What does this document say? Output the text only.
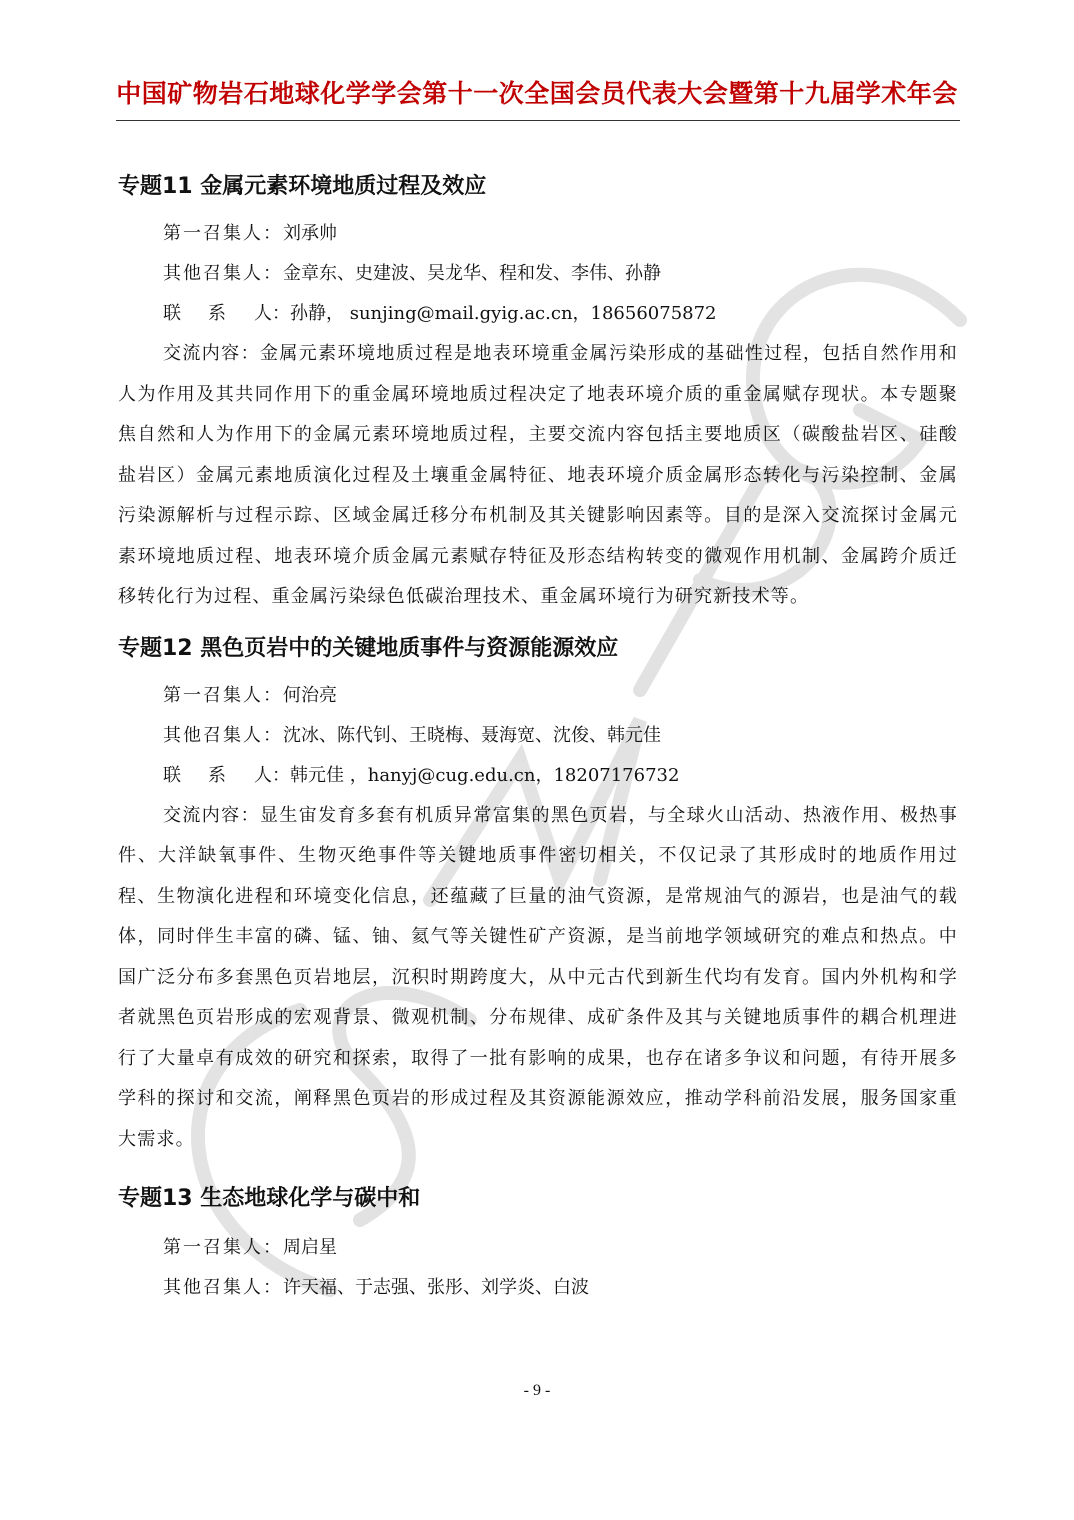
中国矿物岩石地球化学学会第十一次全国会员代表大会暨第十九届学术年会
专题11 金属元素环境地质过程及效应
第一召集人：刘承帅
其他召集人：金章东、史建波、吴龙华、程和发、李伟、孙静
联 系 人：孙静， sunjing@mail.gyig.ac.cn，18656075872

交流内容：金属元素环境地质过程是地表环境重金属污染形成的基础性过程，包括自然作用和人为作用及其共同作用下的重金属环境地质过程决定了地表环境介质的重金属赋存现状。本专题聚焦自然和人为作用下的金属元素环境地质过程，主要交流内容包括主要地质区（碳酸盐岩区、硅酸盐岩区）金属元素地质演化过程及土壤重金属特征、地表环境介质金属形态转化与污染控制、金属污染源解析与过程示踪、区域金属迁移分布机制及其关键影响因素等。目的是深入交流探讨金属元素环境地质过程、地表环境介质金属元素赋存特征及形态结构转变的微观作用机制、金属跨介质迁移转化行为过程、重金属污染绿色低碳治理技术、重金属环境行为研究新技术等。

专题12 黑色页岩中的关键地质事件与资源能源效应
第一召集人：何治亮
其他召集人：沈冰、陈代钊、王晓梅、聂海宽、沈俊、韩元佳
联 系 人：韩元佳 ，hanyj@cug.edu.cn，18207176732

交流内容：显生宙发育多套有机质异常富集的黑色页岩，与全球火山活动、热液作用、极热事件、大洋缺氧事件、生物灭绝事件等关键地质事件密切相关，不仅记录了其形成时的地质作用过程、生物演化进程和环境变化信息，还蕴藏了巨量的油气资源，是常规油气的源岩，也是油气的载体，同时伴生丰富的磷、锰、铀、氦气等关键性矿产资源，是当前地学领域研究的难点和热点。中国广泛分布多套黑色页岩地层，沉积时期跨度大，从中元古代到新生代均有发育。国内外机构和学者就黑色页岩形成的宏观背景、微观机制、分布规律、成矿条件及其与关键地质事件的耦合机理进行了大量卓有成效的研究和探索，取得了一批有影响的成果，也存在诸多争议和问题，有待开展多学科的探讨和交流，阐释黑色页岩的形成过程及其资源能源效应，推动学科前沿发展，服务国家重大需求。

专题13 生态地球化学与碳中和
第一召集人：周启星
其他召集人：许天福、于志强、张彤、刘学炎、白波
- 9 -
